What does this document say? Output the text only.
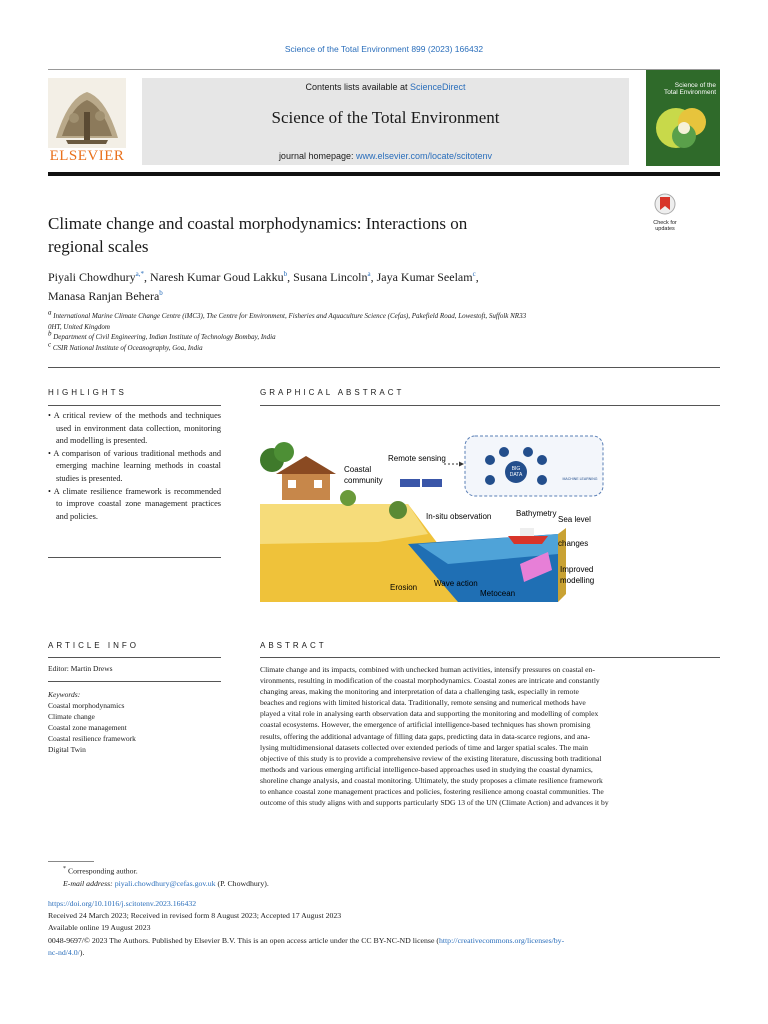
Science of the Total Environment 899 (2023) 166432
ELSEVIER
Contents lists available at ScienceDirect
Science of the Total Environment
journal homepage: www.elsevier.com/locate/scitotenv
Science of the
Total Environment
Climate change and coastal morphodynamics: Interactions on
regional scales
Check for
updates
Piyali Chowdhury$^{a,*}$, Naresh Kumar Goud Lakku$^b$, Susana Lincoln$^a$, Jaya Kumar Seelam$^c$,
Manasa Ranjan Behera$^b$
$^a$ International Marine Climate Change Centre (iMC3), The Centre for Environment, Fisheries and Aquaculture Science (Cefas), Pakefield Road, Lowestoft, Suffolk NR33
0HT, United Kingdom
$^b$ Department of Civil Engineering, Indian Institute of Technology Bombay, India
$^c$ CSIR National Institute of Oceanography, Goa, India
HIGHLIGHTS
• A critical review of the methods and techniques used in environment data collection, monitoring and modelling is presented.
• A comparison of various traditional methods and emerging machine learning methods in coastal studies is presented.
• A climate resilience framework is recommended to improve coastal zone management practices and policies.
GRAPHICAL ABSTRACT
BIG
DATA
MACHINE LEARNING
Coastal
community
Remote sensing
In-situ observation	Bathymetry
Sea level
changes
Improved
modelling
Erosion Wave action
Metocean
ARTICLE INFO
Editor: Martin Drews
Keywords:
Coastal morphodynamics
Climate change
Coastal zone management
Coastal resilience framework
Digital Twin
ABSTRACT
Climate change and its impacts, combined with unchecked human activities, intensify pressures on coastal en-
vironments, resulting in modification of the coastal morphodynamics. Coastal zones are intricate and constantly
changing areas, making the monitoring and interpretation of data a challenging task, especially in remote
beaches and regions with limited historical data. Traditionally, remote sensing and numerical methods have
played a vital role in analysing earth observation data and supporting the monitoring and modelling of complex
coastal ecosystems. However, the emergence of artificial intelligence-based techniques has shown promising
results, offering the additional advantage of filling data gaps, predicting data in data-scarce regions, and ana-
lysing multidimensional datasets collected over extended periods of time and larger spatial scales. The main
objective of this study is to provide a comprehensive review of the existing literature, discussing both traditional
methods and various emerging artificial intelligence-based approaches used in studying the coastal dynamics,
shoreline change analysis, and coastal monitoring. Ultimately, the study proposes a climate resilience framework
to enhance coastal zone management practices and policies, fostering resilience among coastal communities. The
outcome of this study aligns with and supports particularly SDG 13 of the UN (Climate Action) and advances it by
* Corresponding author.
E-mail address: piyali.chowdhury@cefas.gov.uk (P. Chowdhury).
https://doi.org/10.1016/j.scitotenv.2023.166432
Received 24 March 2023; Received in revised form 8 August 2023; Accepted 17 August 2023
Available online 19 August 2023
0048-9697/© 2023 The Authors. Published by Elsevier B.V. This is an open access article under the CC BY-NC-ND license (http://creativecommons.org/licenses/by-
nc-nd/4.0/).
